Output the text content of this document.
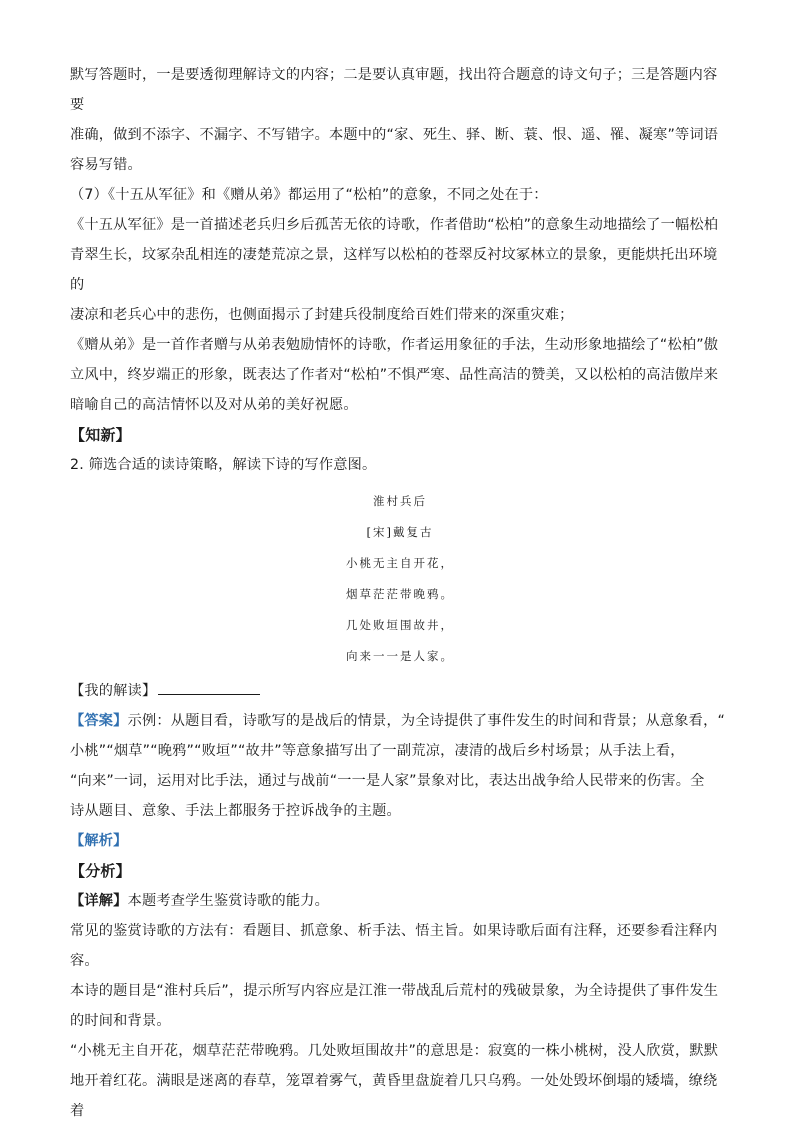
默写答题时，一是要透彻理解诗文的内容；二是要认真审题，找出符合题意的诗文句子；三是答题内容要

准确，做到不添字、不漏字、不写错字。本题中的“家、死生、驿、断、蓑、恨、遥、罹、凝寒”等词语

容易写错。

（7）《十五从军征》和《赠从弟》都运用了“松柏”的意象，不同之处在于：

《十五从军征》是一首描述老兵归乡后孤苦无依的诗歌，作者借助“松柏”的意象生动地描绘了一幅松柏

青翠生长，坟冢杂乱相连的凄楚荒凉之景，这样写以松柏的苍翠反衬坟冢林立的景象，更能烘托出环境的

凄凉和老兵心中的悲伤，也侧面揭示了封建兵役制度给百姓们带来的深重灾难；

《赠从弟》是一首作者赠与从弟表勉励情怀的诗歌，作者运用象征的手法，生动形象地描绘了“松柏”傲

立风中，终岁端正的形象，既表达了作者对“松柏”不惧严寒、品性高洁的赞美，又以松柏的高洁傲岸来

暗喻自己的高洁情怀以及对从弟的美好祝愿。

【知新】

2. 筛选合适的读诗策略，解读下诗的写作意图。

淮村兵后
[宋]戴复古
小桃无主自开花，
烟草茫茫带晚鸦。
几处败垣围故井，
向来一一是人家。

【我的解读】

【答案】示例：从题目看，诗歌写的是战后的情景，为全诗提供了事件发生的时间和背景；从意象看，“

小桃”“烟草”“晚鸦”“败垣”“故井”等意象描写出了一副荒凉，凄清的战后乡村场景；从手法上看，

“向来”一词，运用对比手法，通过与战前“一一是人家”景象对比，表达出战争给人民带来的伤害。全

诗从题目、意象、手法上都服务于控诉战争的主题。

【解析】

【分析】

【详解】本题考查学生鉴赏诗歌的能力。

常见的鉴赏诗歌的方法有：看题目、抓意象、析手法、悟主旨。如果诗歌后面有注释，还要参看注释内容。

本诗的题目是“淮村兵后”，提示所写内容应是江淮一带战乱后荒村的残破景象，为全诗提供了事件发生

的时间和背景。

“小桃无主自开花，烟草茫茫带晚鸦。几处败垣围故井”的意思是：寂寞的一株小桃树，没人欣赏，默默

地开着红花。满眼是迷离的春草，笼罩着雾气，黄昏里盘旋着几只乌鸦。一处处毁坏倒塌的矮墙，缭绕着
